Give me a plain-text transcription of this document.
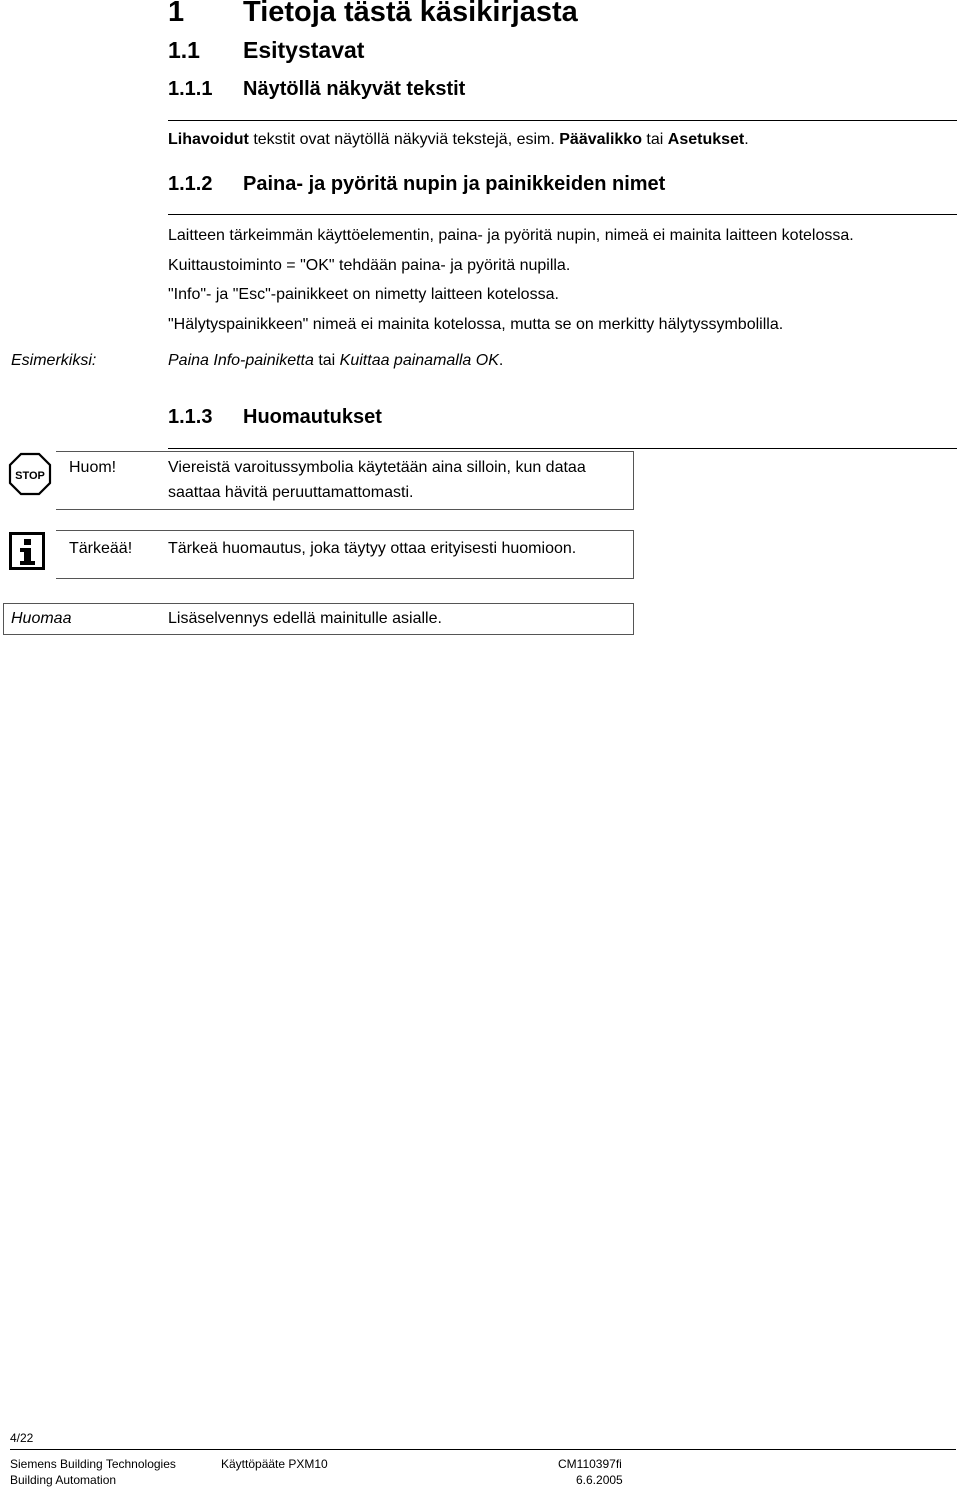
1 Tietoja tästä käsikirjasta
1.1 Esitystavat
1.1.1 Näytöllä näkyvät tekstit
Lihavoidut tekstit ovat näytöllä näkyviä tekstejä, esim. Päävalikko tai Asetukset.
1.1.2 Paina- ja pyöritä nupin ja painikkeiden nimet
Laitteen tärkeimmän käyttöelementin, paina- ja pyöritä nupin, nimeä ei mainita laitteen kotelossa.
Kuittaustoiminto = "OK" tehdään paina- ja pyöritä nupilla.
"Info"- ja "Esc"-painikkeet on nimetty laitteen kotelossa.
"Hälytyspainikkeen" nimeä ei mainita kotelossa, mutta se on merkitty hälytyssymbolilla.
Esimerkiksi:	Paina Info-painiketta tai Kuittaa painamalla OK.
1.1.3 Huomautukset
STOP Huom!	Viereistä varoitussymbolia käytetään aina silloin, kun dataa
saattaa hävitä peruuttamattomasti.
Tärkeää! Tärkeä huomautus, joka täytyy ottaa erityisesti huomioon.
Huomaa	Lisäselvennys edellä mainitulle asialle.
4/22
Siemens Building Technologies
Building Automation
Käyttöpääte PXM10	CM110397fi
6.6.2005
